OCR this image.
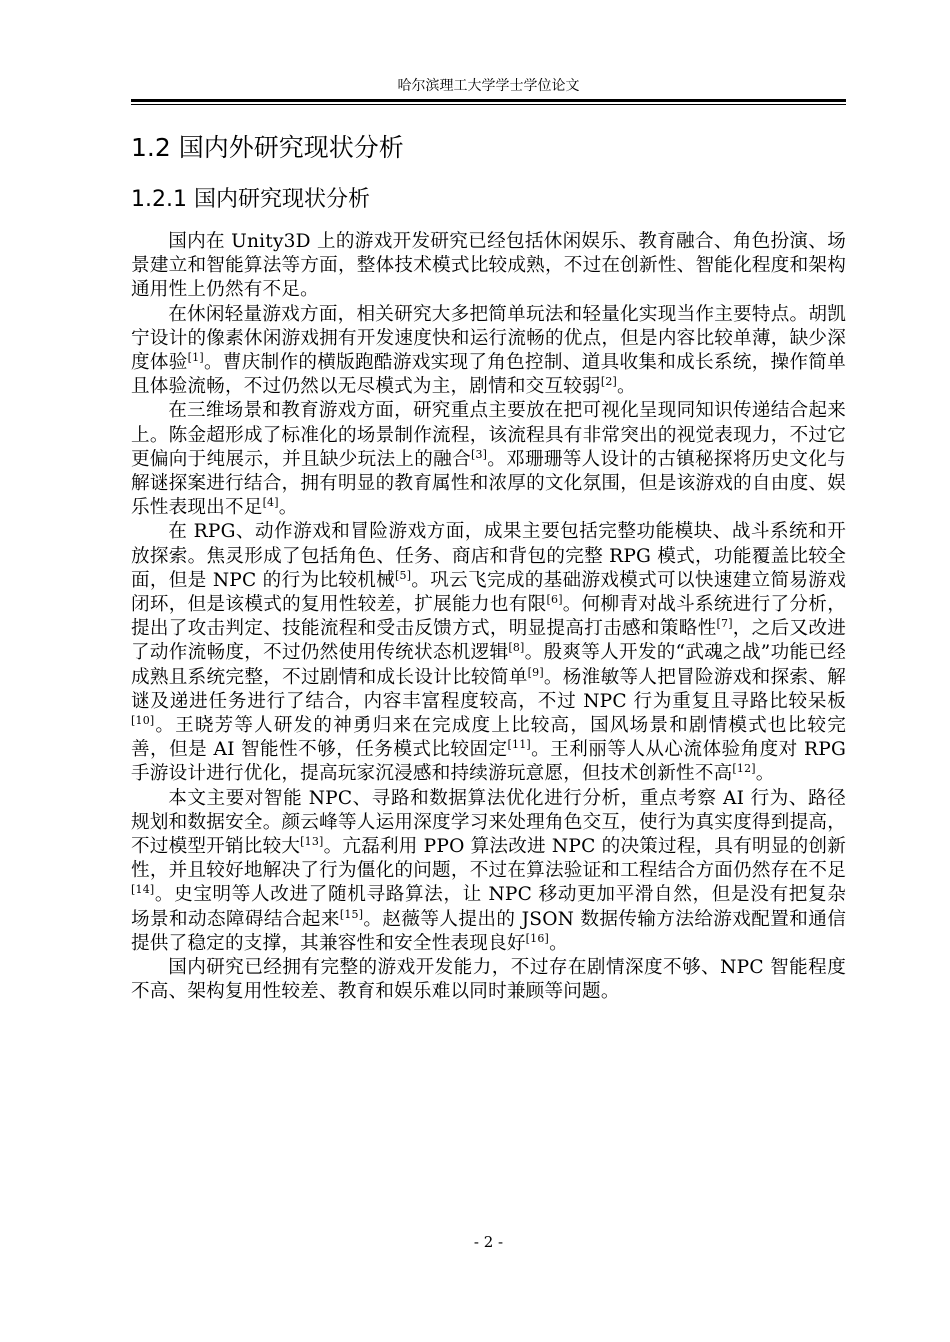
哈尔滨理工大学学士学位论文
1.2 国内外研究现状分析
1.2.1 国内研究现状分析

国内在 Unity3D 上的游戏开发研究已经包括休闲娱乐、教育融合、角色扮演、场景建立和智能算法等方面，整体技术模式比较成熟，不过在创新性、智能化程度和架构通用性上仍然有不足。

在休闲轻量游戏方面，相关研究大多把简单玩法和轻量化实现当作主要特点。胡凯宁设计的像素休闲游戏拥有开发速度快和运行流畅的优点，但是内容比较单薄，缺少深度体验[1]。曹庆制作的横版跑酷游戏实现了角色控制、道具收集和成长系统，操作简单且体验流畅，不过仍然以无尽模式为主，剧情和交互较弱[2]。

在三维场景和教育游戏方面，研究重点主要放在把可视化呈现同知识传递结合起来上。陈金超形成了标准化的场景制作流程，该流程具有非常突出的视觉表现力，不过它更偏向于纯展示，并且缺少玩法上的融合[3]。邓珊珊等人设计的古镇秘探将历史文化与解谜探案进行结合，拥有明显的教育属性和浓厚的文化氛围，但是该游戏的自由度、娱乐性表现出不足[4]。

在 RPG、动作游戏和冒险游戏方面，成果主要包括完整功能模块、战斗系统和开放探索。焦灵形成了包括角色、任务、商店和背包的完整 RPG 模式，功能覆盖比较全面，但是 NPC 的行为比较机械[5]。巩云飞完成的基础游戏模式可以快速建立简易游戏闭环，但是该模式的复用性较差，扩展能力也有限[6]。何柳青对战斗系统进行了分析，提出了攻击判定、技能流程和受击反馈方式，明显提高打击感和策略性[7]，之后又改进了动作流畅度，不过仍然使用传统状态机逻辑[8]。殷爽等人开发的“武魂之战”功能已经成熟且系统完整，不过剧情和成长设计比较简单[9]。杨淮敏等人把冒险游戏和探索、解谜及递进任务进行了结合，内容丰富程度较高，不过 NPC 行为重复且寻路比较呆板[10]。王晓芳等人研发的神勇归来在完成度上比较高，国风场景和剧情模式也比较完善，但是 AI 智能性不够，任务模式比较固定[11]。王利丽等人从心流体验角度对 RPG 手游设计进行优化，提高玩家沉浸感和持续游玩意愿，但技术创新性不高[12]。

本文主要对智能 NPC、寻路和数据算法优化进行分析，重点考察 AI 行为、路径规划和数据安全。颜云峰等人运用深度学习来处理角色交互，使行为真实度得到提高，不过模型开销比较大[13]。亢磊利用 PPO 算法改进 NPC 的决策过程，具有明显的创新性，并且较好地解决了行为僵化的问题，不过在算法验证和工程结合方面仍然存在不足[14]。史宝明等人改进了随机寻路算法，让 NPC 移动更加平滑自然，但是没有把复杂场景和动态障碍结合起来[15]。赵薇等人提出的 JSON 数据传输方法给游戏配置和通信提供了稳定的支撑，其兼容性和安全性表现良好[16]。

国内研究已经拥有完整的游戏开发能力，不过存在剧情深度不够、NPC 智能程度不高、架构复用性较差、教育和娱乐难以同时兼顾等问题。

- 2 -
